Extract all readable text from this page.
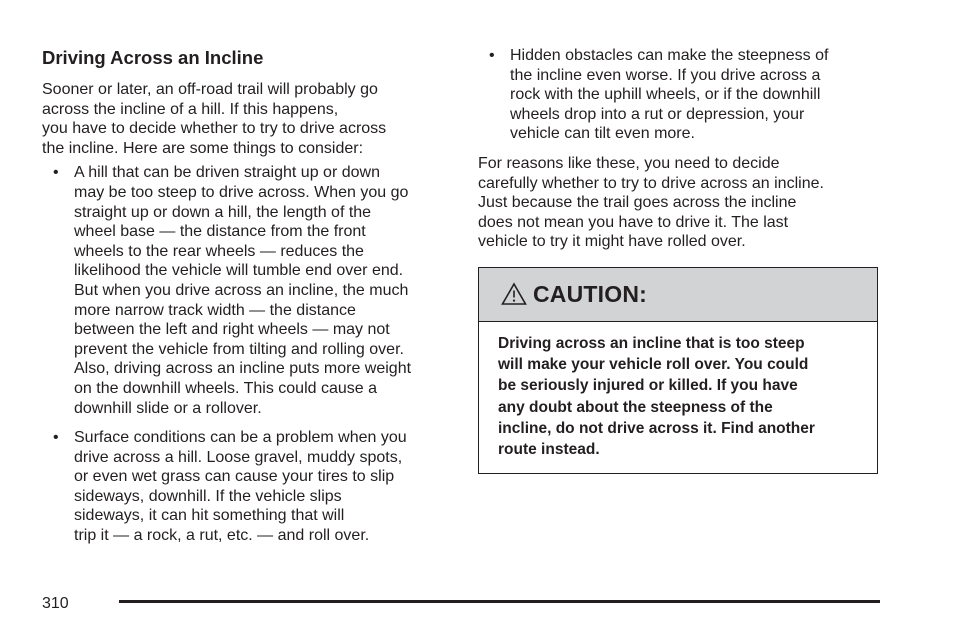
Driving Across an Incline

Sooner or later, an off-road trail will probably go
across the incline of a hill. If this happens,
you have to decide whether to try to drive across
the incline. Here are some things to consider:

• A hill that can be driven straight up or down
may be too steep to drive across. When you go
straight up or down a hill, the length of the
wheel base — the distance from the front
wheels to the rear wheels — reduces the
likelihood the vehicle will tumble end over end.
But when you drive across an incline, the much
more narrow track width — the distance
between the left and right wheels — may not
prevent the vehicle from tilting and rolling over.
Also, driving across an incline puts more weight
on the downhill wheels. This could cause a
downhill slide or a rollover.
• Surface conditions can be a problem when you
drive across a hill. Loose gravel, muddy spots,
or even wet grass can cause your tires to slip
sideways, downhill. If the vehicle slips
sideways, it can hit something that will
trip it — a rock, a rut, etc. — and roll over.
• Hidden obstacles can make the steepness of
the incline even worse. If you drive across a
rock with the uphill wheels, or if the downhill
wheels drop into a rut or depression, your
vehicle can tilt even more.

For reasons like these, you need to decide
carefully whether to try to drive across an incline.
Just because the trail goes across the incline
does not mean you have to drive it. The last
vehicle to try it might have rolled over.

CAUTION:
Driving across an incline that is too steep
will make your vehicle roll over. You could
be seriously injured or killed. If you have
any doubt about the steepness of the
incline, do not drive across it. Find another
route instead.
310
